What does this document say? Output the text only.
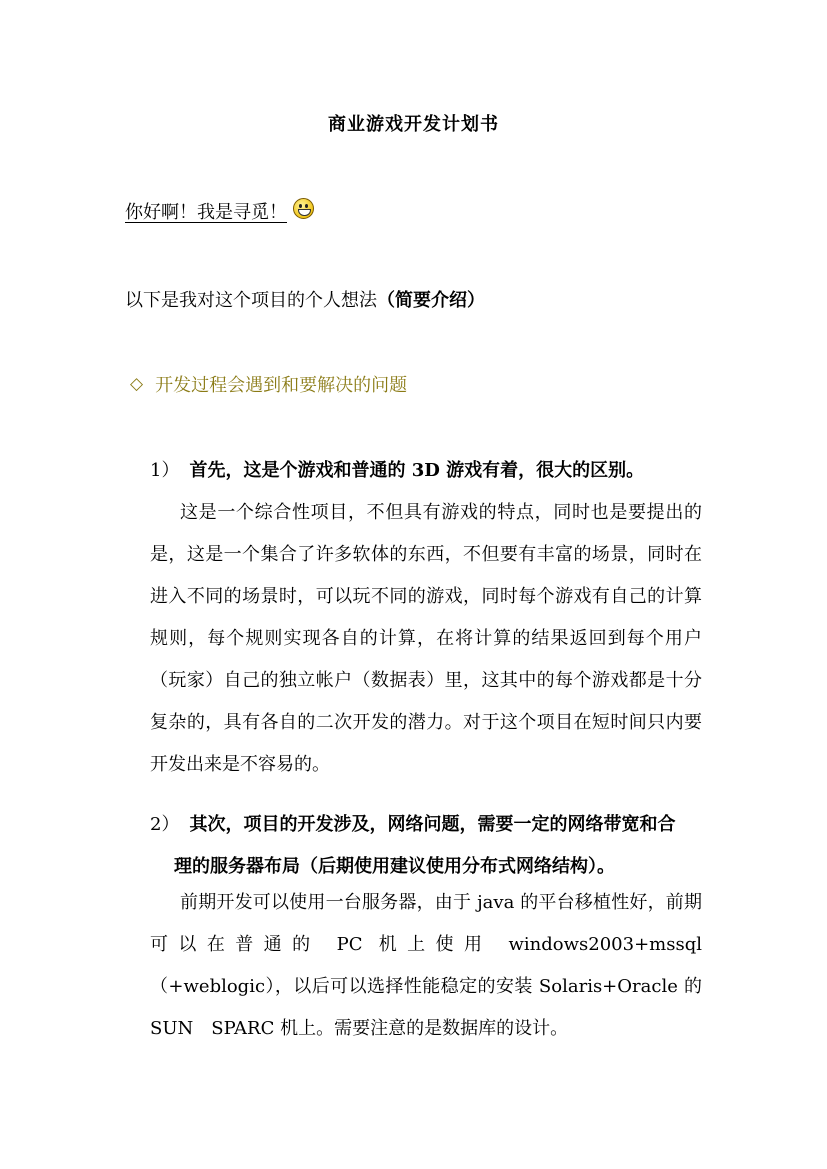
商业游戏开发计划书
你好啊！我是寻觅！
以下是我对这个项目的个人想法（简要介绍）
◇ 开发过程会遇到和要解决的问题
1） 首先，这是个游戏和普通的 3D 游戏有着，很大的区别。
这是一个综合性项目，不但具有游戏的特点，同时也是要提出的是，这是一个集合了许多软体的东西，不但要有丰富的场景，同时在进入不同的场景时，可以玩不同的游戏，同时每个游戏有自己的计算规则，每个规则实现各自的计算，在将计算的结果返回到每个用户（玩家）自己的独立帐户（数据表）里，这其中的每个游戏都是十分复杂的，具有各自的二次开发的潜力。对于这个项目在短时间只内要开发出来是不容易的。
2） 其次，项目的开发涉及，网络问题，需要一定的网络带宽和合
理的服务器布局（后期使用建议使用分布式网络结构）。
前期开发可以使用一台服务器，由于 java 的平台移植性好，前期可以在普通的 PC 机上使用 windows2003+mssql（+weblogic），以后可以选择性能稳定的安装 Solaris+Oracle 的 SUN　SPARC 机上。需要注意的是数据库的设计。
